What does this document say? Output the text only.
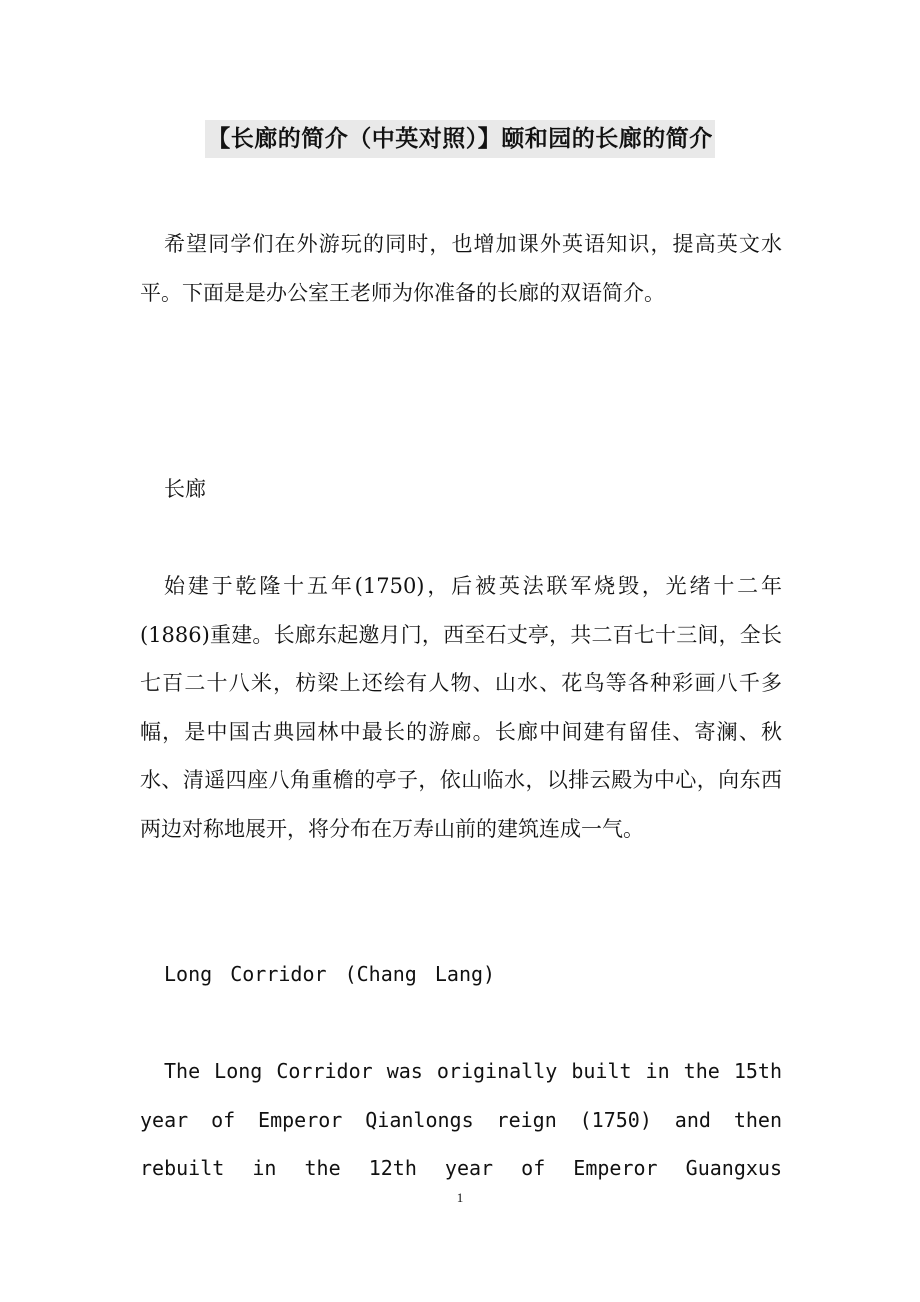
【长廊的简介（中英对照）】颐和园的长廊的简介

希望同学们在外游玩的同时，也增加课外英语知识，提高英文水平。下面是是办公室王老师为你准备的长廊的双语简介。

长廊

始建于乾隆十五年(1750)，后被英法联军烧毁，光绪十二年(1886)重建。长廊东起邀月门，西至石丈亭，共二百七十三间，全长七百二十八米，枋梁上还绘有人物、山水、花鸟等各种彩画八千多幅，是中国古典园林中最长的游廊。长廊中间建有留佳、寄澜、秋水、清遥四座八角重檐的亭子，依山临水，以排云殿为中心，向东西两边对称地展开，将分布在万寿山前的建筑连成一气。

Long Corridor (Chang Lang)

The Long Corridor was originally built in the 15th year of Emperor Qianlongs reign (1750) and then rebuilt in the 12th year of Emperor Guangxus

1
